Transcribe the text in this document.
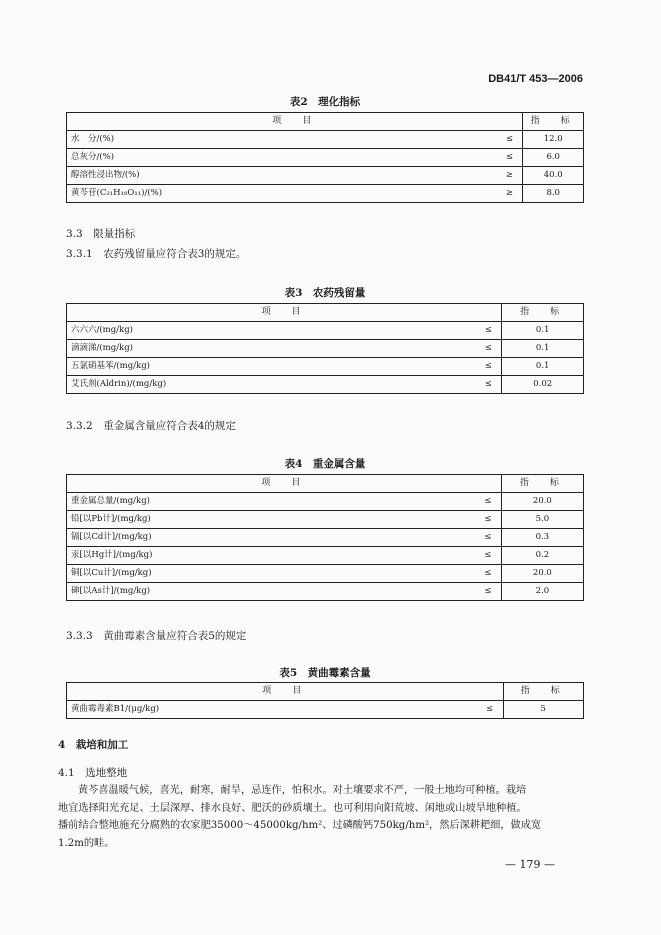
DB41/T 453—2006
表2　理化指标
项　目		指　标
水　分/(%)	≤	12.0
总灰分/(%)	≤	6.0
醇溶性浸出物/(%)	≥	40.0
黄芩苷(C₂₁H₁₈O₁₁)/(%)	≥	8.0
3.3　限量指标
3.3.1　农药残留量应符合表3的规定。
表3　农药残留量
项　目		指　标
六六六/(mg/kg)	≤	0.1
滴滴涕/(mg/kg)	≤	0.1
五氯硝基苯/(mg/kg)	≤	0.1
艾氏剂(Aldrin)/(mg/kg)	≤	0.02
3.3.2　重金属含量应符合表4的规定
表4　重金属含量
项　目		指　标
重金属总量/(mg/kg)	≤	20.0
铅[以Pb计]/(mg/kg)	≤	5.0
镉[以Cd计]/(mg/kg)	≤	0.3
汞[以Hg计]/(mg/kg)	≤	0.2
铜[以Cu计]/(mg/kg)	≤	20.0
砷[以As计]/(mg/kg)	≤	2.0
3.3.3　黄曲霉素含量应符合表5的规定
表5　黄曲霉素含量
项　目		指　标
黄曲霉毒素B1/(μg/kg)	≤	5
4　栽培和加工
4.1　选地整地
黄芩喜温暖气候，喜光，耐寒，耐旱，忌连作，怕积水。对土壤要求不严，一般土地均可种植。栽培
地宜选择阳光充足、土层深厚、排水良好、肥沃的砂质壤土。也可利用向阳荒坡、闲地或山坡旱地种植。
播前结合整地施充分腐熟的农家肥35000～45000kg/hm²、过磷酸钙750kg/hm²，然后深耕耙细，做成宽
1.2m的畦。
— 179 —
